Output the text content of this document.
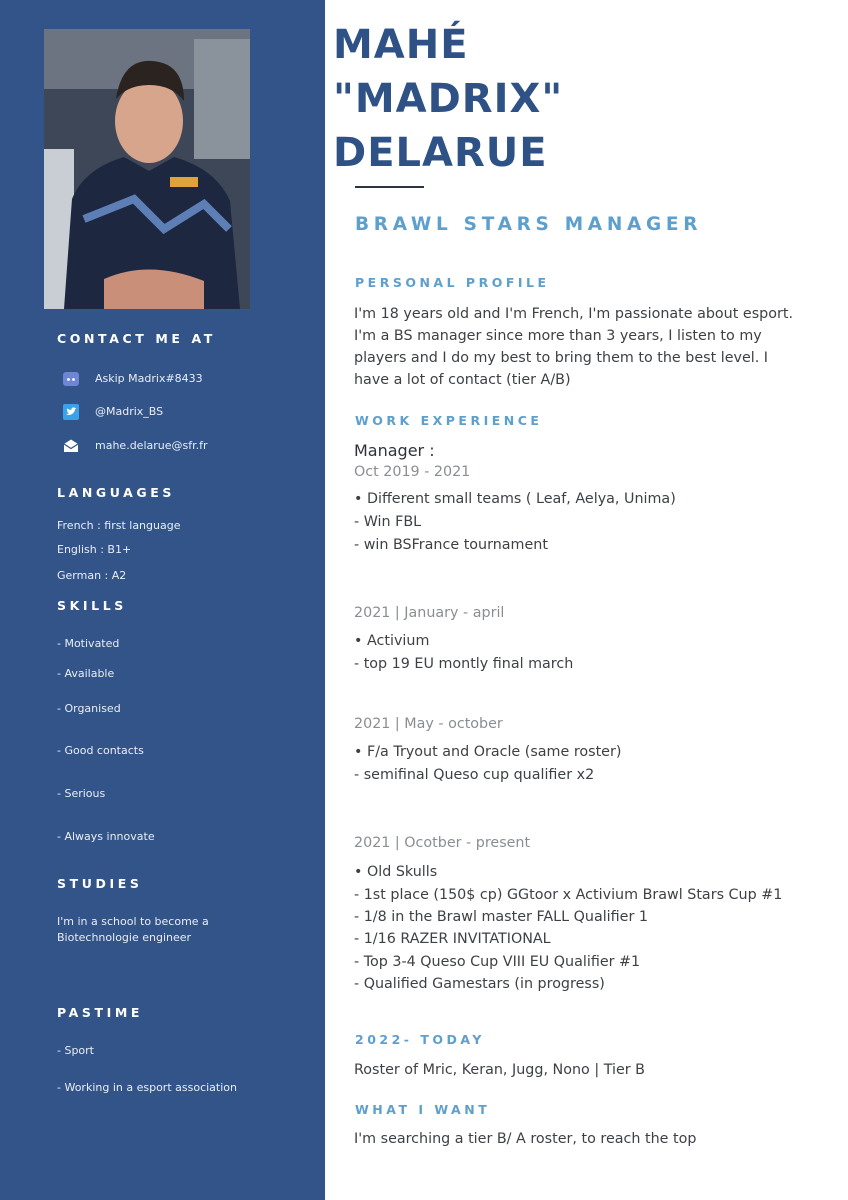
CONTACT ME AT
Askip Madrix#8433
@Madrix_BS
mahe.delarue@sfr.fr
LANGUAGES
French : first language
English : B1+
German : A2
SKILLS
- Motivated
- Available
- Organised
- Good contacts
- Serious
- Always innovate
STUDIES
I'm in a school to become a
Biotechnologie engineer
PASTIME
- Sport
- Working in a esport association
MAHÉ
"MADRIX"
DELARUE
BRAWL STARS MANAGER
PERSONAL PROFILE
I'm 18 years old and I'm French, I'm passionate about esport. I'm a BS manager since more than 3 years, I listen to my players and I do my best to bring them to the best level. I have a lot of contact (tier A/B)
WORK EXPERIENCE
Manager :
Oct 2019 - 2021
• Different small teams ( Leaf, Aelya, Unima)
- Win FBL
- win BSFrance tournament
2021 | January - april
• Activium
- top 19 EU montly final march
2021 | May - october
• F/a Tryout and Oracle (same roster)
- semifinal Queso cup qualifier x2
2021 | Ocotber - present
• Old Skulls
- 1st place (150$ cp) GGtoor x Activium Brawl Stars Cup #1
- 1/8 in the Brawl master FALL Qualifier 1
- 1/16 RAZER INVITATIONAL
- Top 3-4 Queso Cup VIII EU Qualifier #1
- Qualified Gamestars (in progress)
2022- TODAY
Roster of Mric, Keran, Jugg, Nono | Tier B
WHAT I WANT
I'm searching a tier B/ A roster, to reach the top
